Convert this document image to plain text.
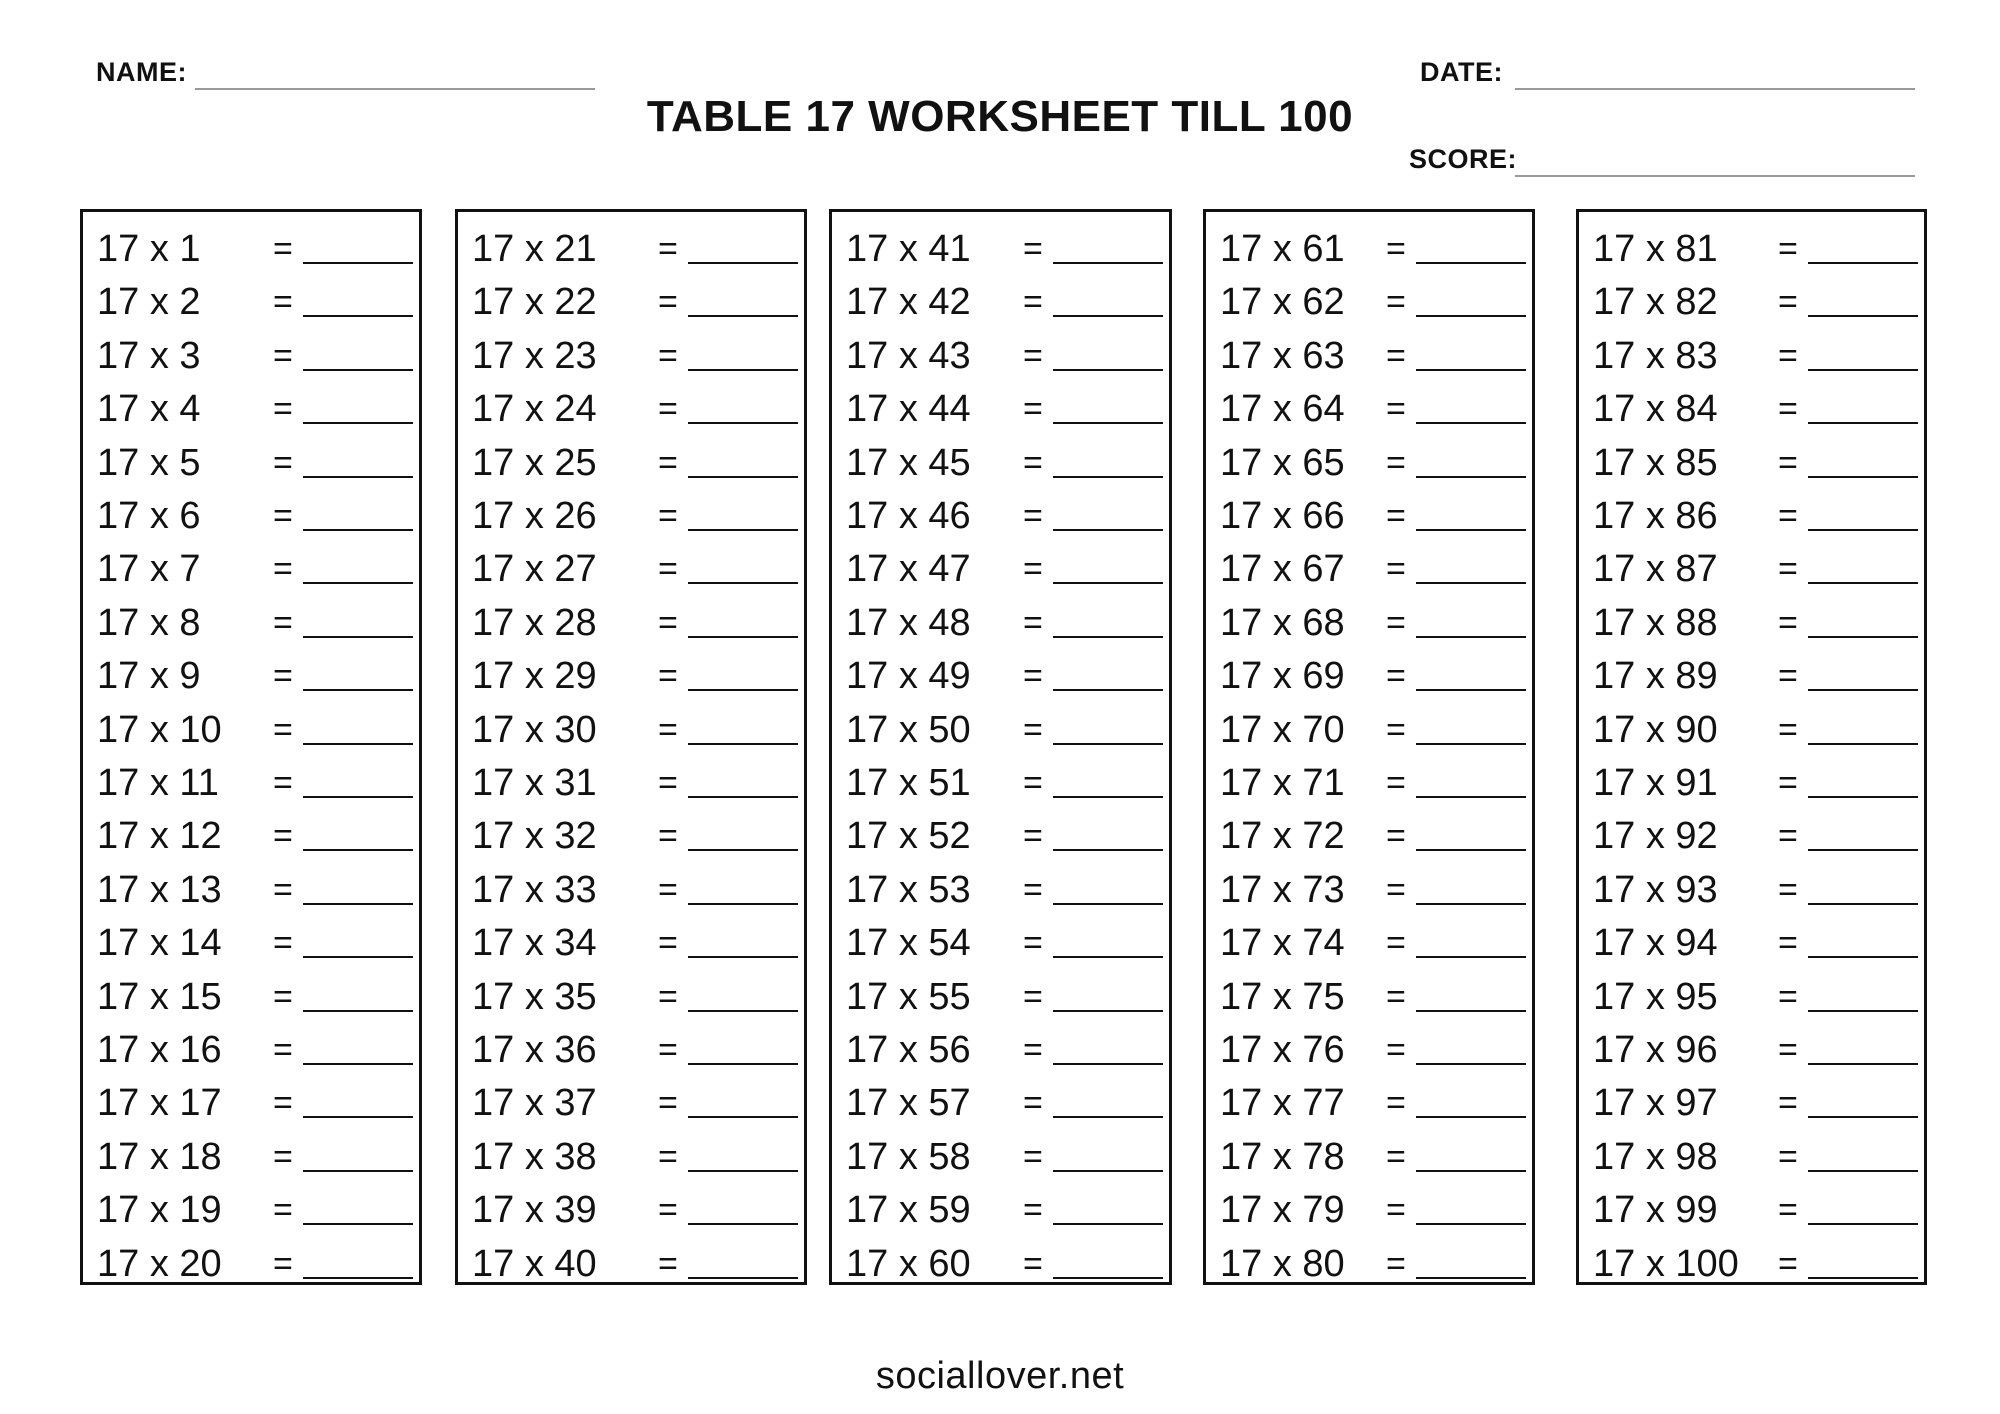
NAME:	DATE:
TABLE 17 WORKSHEET TILL 100
SCORE:
17 x 1 =
17 x 2 =
17 x 3 =
17 x 4 =
17 x 5 =
17 x 6 =
17 x 7 =
17 x 8 =
17 x 9 =
17 x 10 =
17 x 11 =
17 x 12 =
17 x 13 =
17 x 14 =
17 x 15 =
17 x 16 =
17 x 17 =
17 x 18 =
17 x 19 =
17 x 20 =
17 x 21 =
17 x 22 =
17 x 23 =
17 x 24 =
17 x 25 =
17 x 26 =
17 x 27 =
17 x 28 =
17 x 29 =
17 x 30 =
17 x 31 =
17 x 32 =
17 x 33 =
17 x 34 =
17 x 35 =
17 x 36 =
17 x 37 =
17 x 38 =
17 x 39 =
17 x 40 =
17 x 41 =
17 x 42 =
17 x 43 =
17 x 44 =
17 x 45 =
17 x 46 =
17 x 47 =
17 x 48 =
17 x 49 =
17 x 50 =
17 x 51 =
17 x 52 =
17 x 53 =
17 x 54 =
17 x 55 =
17 x 56 =
17 x 57 =
17 x 58 =
17 x 59 =
17 x 60 =
17 x 61 =
17 x 62 =
17 x 63 =
17 x 64 =
17 x 65 =
17 x 66 =
17 x 67 =
17 x 68 =
17 x 69 =
17 x 70 =
17 x 71 =
17 x 72 =
17 x 73 =
17 x 74 =
17 x 75 =
17 x 76 =
17 x 77 =
17 x 78 =
17 x 79 =
17 x 80 =
17 x 81 =
17 x 82 =
17 x 83 =
17 x 84 =
17 x 85 =
17 x 86 =
17 x 87 =
17 x 88 =
17 x 89 =
17 x 90 =
17 x 91 =
17 x 92 =
17 x 93 =
17 x 94 =
17 x 95 =
17 x 96 =
17 x 97 =
17 x 98 =
17 x 99 =
17 x 100 =
sociallover.net
